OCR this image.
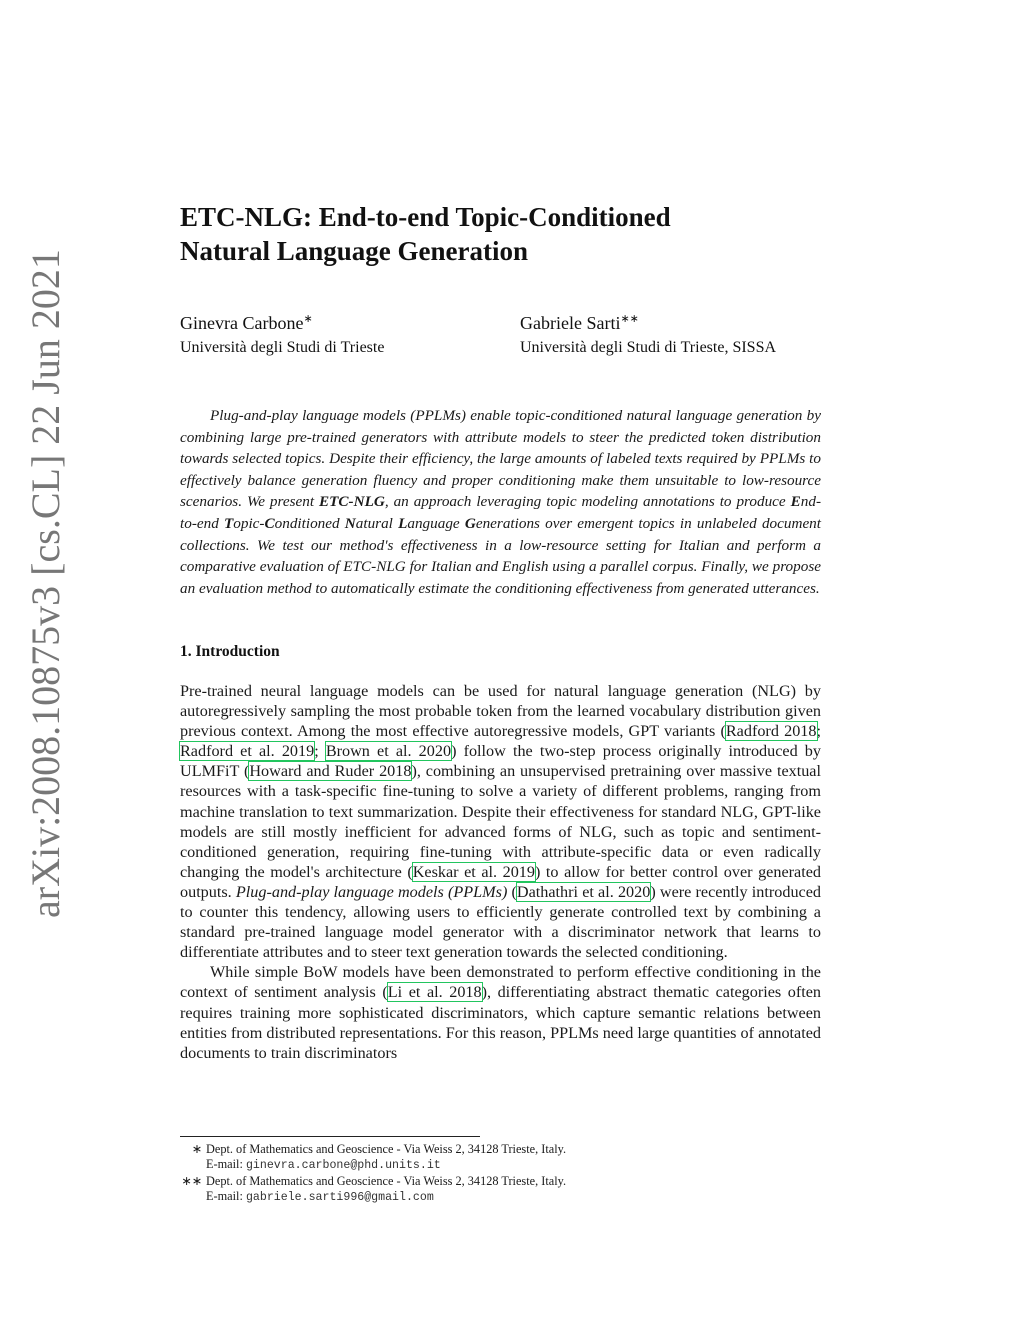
arXiv:2008.10875v3 [cs.CL] 22 Jun 2021
ETC-NLG: End-to-end Topic-Conditioned
Natural Language Generation
Ginevra Carbone∗
Università degli Studi di Trieste
Gabriele Sarti∗∗
Università degli Studi di Trieste, SISSA
Plug-and-play language models (PPLMs) enable topic-conditioned natural language generation by combining large pre-trained generators with attribute models to steer the predicted token distribution towards selected topics. Despite their efficiency, the large amounts of labeled texts required by PPLMs to effectively balance generation fluency and proper conditioning make them unsuitable to low-resource scenarios. We present ETC-NLG, an approach leveraging topic modeling annotations to produce End-to-end Topic-Conditioned Natural Language Generations over emergent topics in unlabeled document collections. We test our method's effectiveness in a low-resource setting for Italian and perform a comparative evaluation of ETC-NLG for Italian and English using a parallel corpus. Finally, we propose an evaluation method to automatically estimate the conditioning effectiveness from generated utterances.
1. Introduction

Pre-trained neural language models can be used for natural language generation (NLG) by autoregressively sampling the most probable token from the learned vocabulary distribution given previous context. Among the most effective autoregressive models, GPT variants (Radford 2018; Radford et al. 2019; Brown et al. 2020) follow the two-step process originally introduced by ULMFiT (Howard and Ruder 2018), combining an unsupervised pretraining over massive textual resources with a task-specific fine-tuning to solve a variety of different problems, ranging from machine translation to text summarization. Despite their effectiveness for standard NLG, GPT-like models are still mostly inefficient for advanced forms of NLG, such as topic and sentiment-conditioned generation, requiring fine-tuning with attribute-specific data or even radically changing the model's architecture (Keskar et al. 2019) to allow for better control over generated outputs. Plug-and-play language models (PPLMs) (Dathathri et al. 2020) were recently introduced to counter this tendency, allowing users to efficiently generate controlled text by combining a standard pre-trained language model generator with a discriminator network that learns to differentiate attributes and to steer text generation towards the selected conditioning.

While simple BoW models have been demonstrated to perform effective conditioning in the context of sentiment analysis (Li et al. 2018), differentiating abstract thematic categories often requires training more sophisticated discriminators, which capture semantic relations between entities from distributed representations. For this reason, PPLMs need large quantities of annotated documents to train discriminators

∗ Dept. of Mathematics and Geoscience - Via Weiss 2, 34128 Trieste, Italy.
E-mail: ginevra.carbone@phd.units.it
∗∗ Dept. of Mathematics and Geoscience - Via Weiss 2, 34128 Trieste, Italy.
E-mail: gabriele.sarti996@gmail.com
